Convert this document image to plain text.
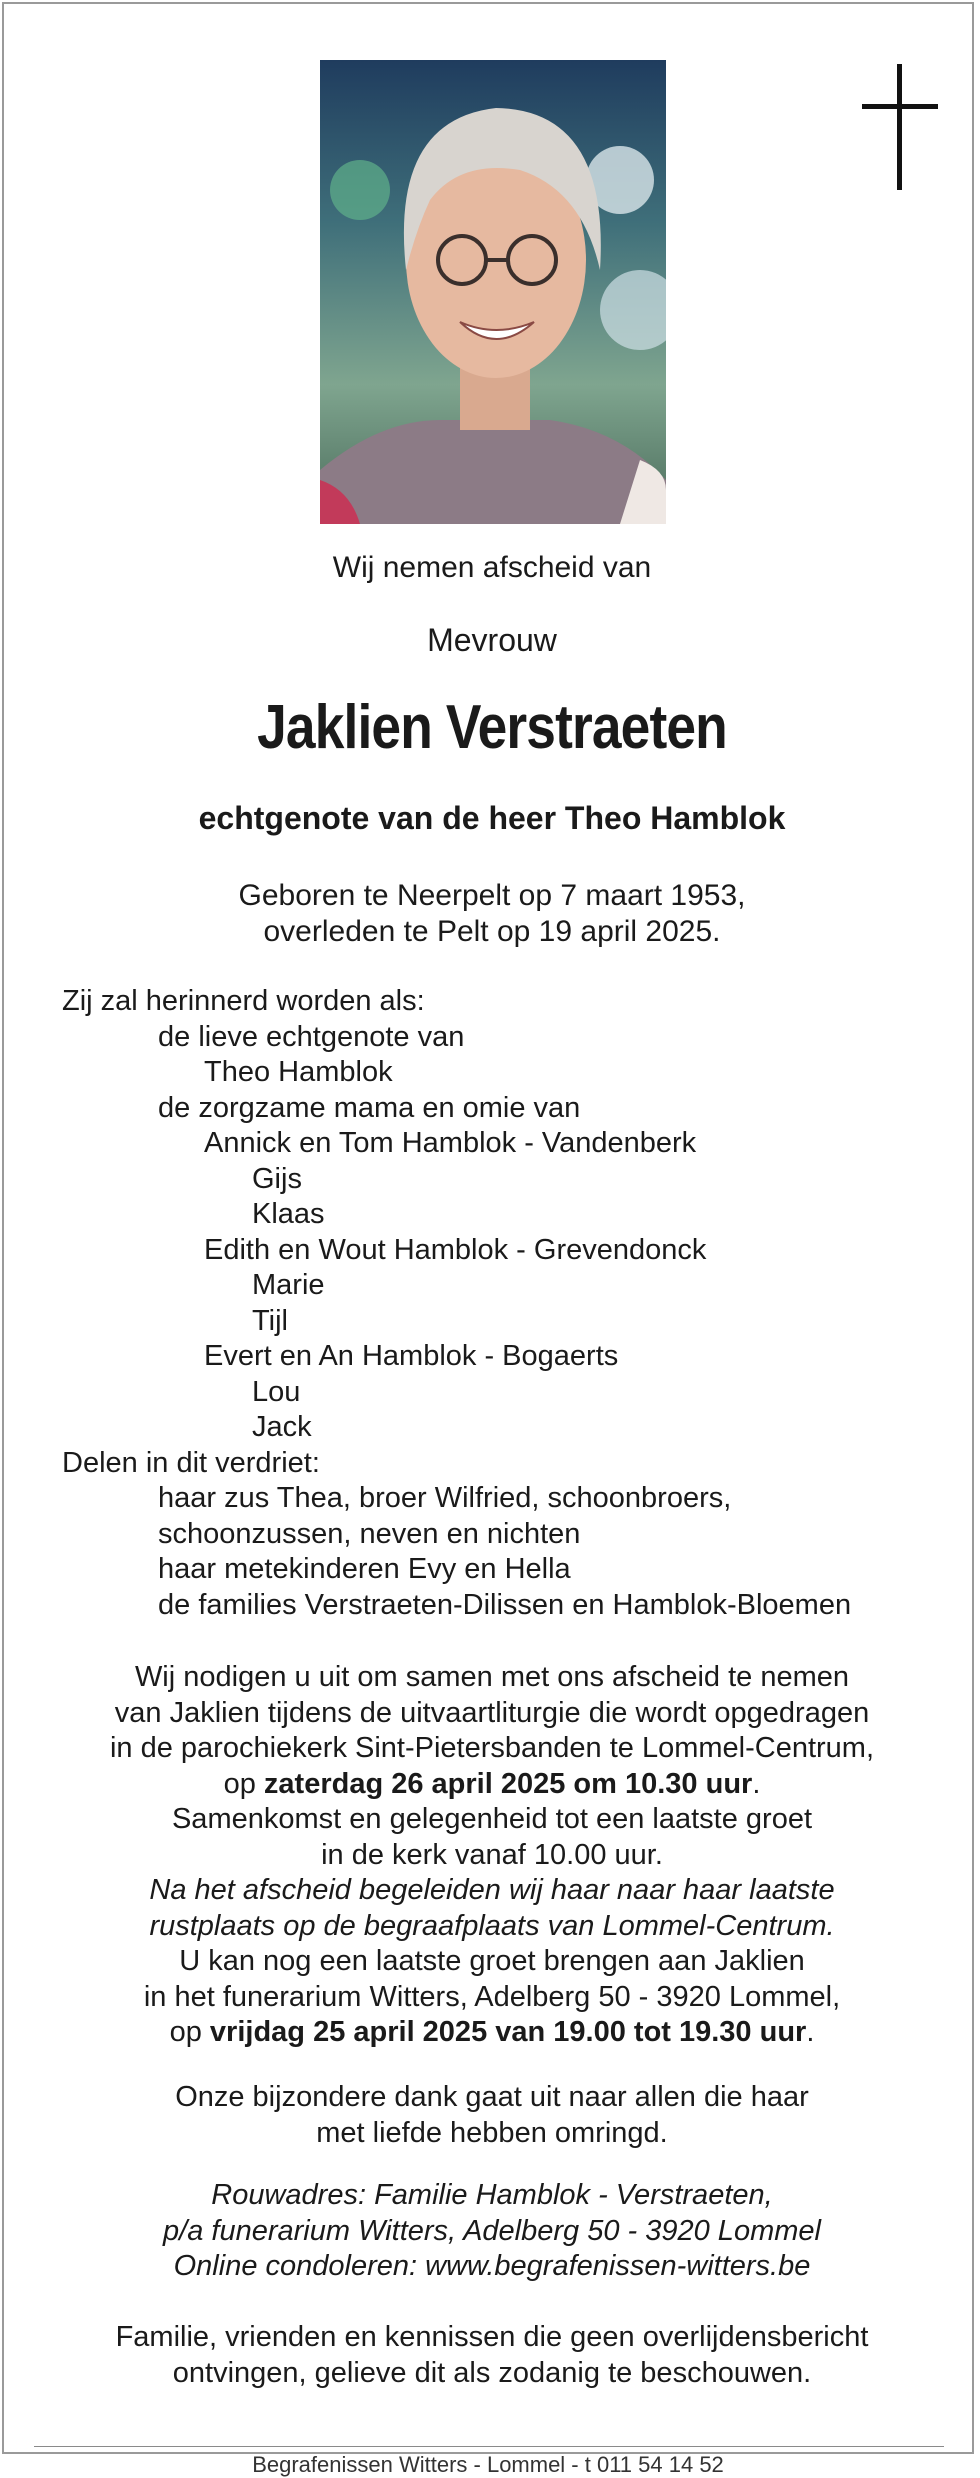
Wij nemen afscheid van
Mevrouw
Jaklien Verstraeten
echtgenote van de heer Theo Hamblok
Geboren te Neerpelt op 7 maart 1953,
overleden te Pelt op 19 april 2025.
Zij zal herinnerd worden als:
de lieve echtgenote van
Theo Hamblok
de zorgzame mama en omie van
Annick en Tom Hamblok - Vandenberk
Gijs
Klaas
Edith en Wout Hamblok - Grevendonck
Marie
Tijl
Evert en An Hamblok - Bogaerts
Lou
Jack
Delen in dit verdriet:
haar zus Thea, broer Wilfried, schoonbroers,
schoonzussen, neven en nichten
haar metekinderen Evy en Hella
de families Verstraeten-Dilissen en Hamblok-Bloemen
Wij nodigen u uit om samen met ons afscheid te nemen
van Jaklien tijdens de uitvaartliturgie die wordt opgedragen
in de parochiekerk Sint-Pietersbanden te Lommel-Centrum,
op zaterdag 26 april 2025 om 10.30 uur.
Samenkomst en gelegenheid tot een laatste groet
in de kerk vanaf 10.00 uur.
Na het afscheid begeleiden wij haar naar haar laatste
rustplaats op de begraafplaats van Lommel-Centrum.
U kan nog een laatste groet brengen aan Jaklien
in het funerarium Witters, Adelberg 50 - 3920 Lommel,
op vrijdag 25 april 2025 van 19.00 tot 19.30 uur.
Onze bijzondere dank gaat uit naar allen die haar
met liefde hebben omringd.
Rouwadres: Familie Hamblok - Verstraeten,
p/a funerarium Witters, Adelberg 50 - 3920 Lommel
Online condoleren: www.begrafenissen-witters.be
Familie, vrienden en kennissen die geen overlijdensbericht
ontvingen, gelieve dit als zodanig te beschouwen.
Begrafenissen Witters - Lommel - t 011 54 14 52
